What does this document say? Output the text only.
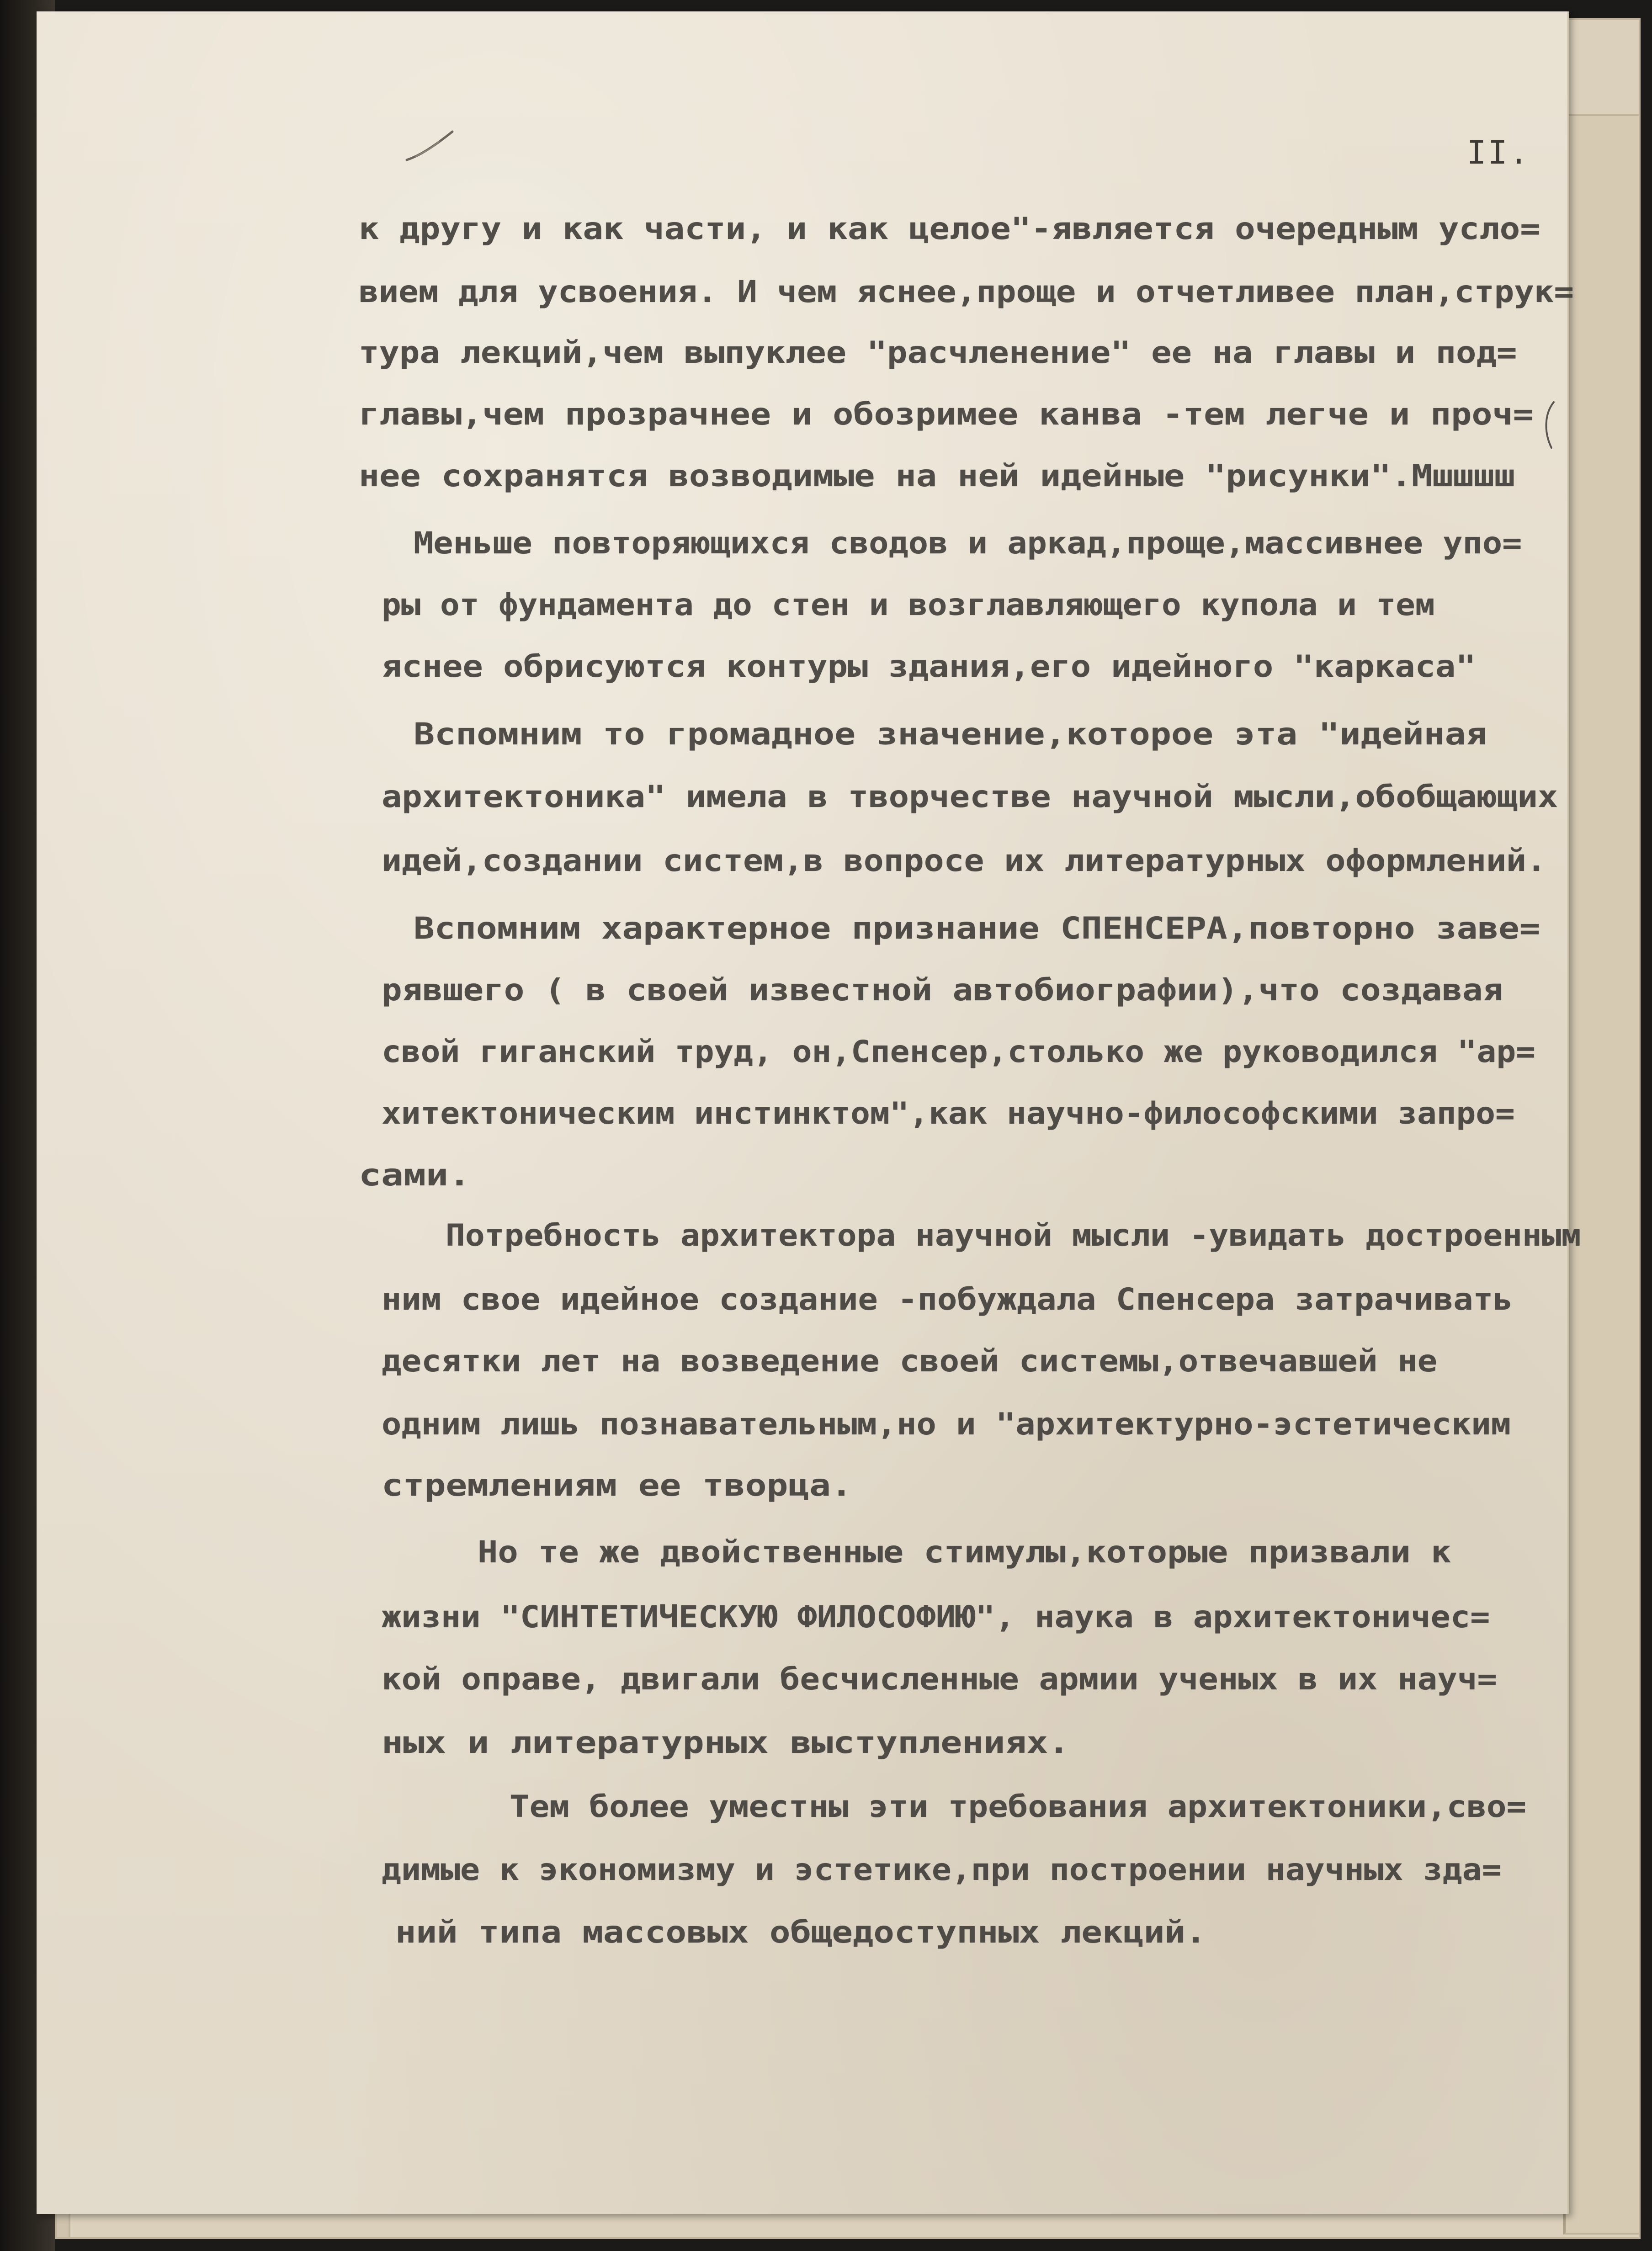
II.
к другу и как части, и как целое"-является очередным усло=
вием для усвоения. И чем яснее,проще и отчетливее план,струк=
тура лекций,чем выпуклее "расчленение" ее на главы и под=
главы,чем прозрачнее и обозримее канва -тем легче и проч=
нее сохранятся возводимые на ней идейные "рисунки".Мшшшш
Меньше повторяющихся сводов и аркад,проще,массивнее упо=
ры от фундамента до стен и возглавляющего купола и тем
яснее обрисуются контуры здания,его идейного "каркаса"
Вспомним то громадное значение,которое эта "идейная
архитектоника" имела в творчестве научной мысли,обобщающих
идей,создании систем,в вопросе их литературных оформлений.
Вспомним характерное признание СПЕНСЕРА,повторно заве=
рявшего ( в своей известной автобиографии),что создавая
свой гиганский труд, он,Спенсер,столько же руководился "ар=
хитектоническим инстинктом",как научно-философскими запро=
сами.
Потребность архитектора научной мысли -увидать достроенным
ним свое идейное создание -побуждала Спенсера затрачивать
десятки лет на возведение своей системы,отвечавшей не
одним лишь познавательным,но и "архитектурно-эстетическим
стремлениям ее творца.
Но те же двойственные стимулы,которые призвали к
жизни "СИНТЕТИЧЕСКУЮ ФИЛОСОФИЮ", наука в архитектоничес=
кой оправе, двигали бесчисленные армии ученых в их науч=
ных и литературных выступлениях.
Тем более уместны эти требования архитектоники,сво=
димые к экономизму и эстетике,при построении научных зда=
ний типа массовых общедоступных лекций.
